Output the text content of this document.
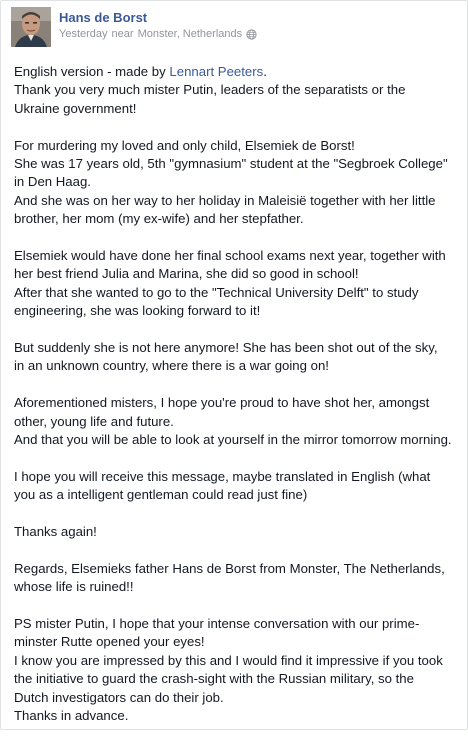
Hans de Borst
Yesterday near Monster, Netherlands

English version - made by Lennart Peeters.
Thank you very much mister Putin, leaders of the separatists or the
Ukraine government!

For murdering my loved and only child, Elsemiek de Borst!
She was 17 years old, 5th "gymnasium" student at the "Segbroek College"
in Den Haag.
And she was on her way to her holiday in Maleisië together with her little
brother, her mom (my ex-wife) and her stepfather.

Elsemiek would have done her final school exams next year, together with
her best friend Julia and Marina, she did so good in school!
After that she wanted to go to the "Technical University Delft" to study
engineering, she was looking forward to it!

But suddenly she is not here anymore! She has been shot out of the sky,
in an unknown country, where there is a war going on!

Aforementioned misters, I hope you're proud to have shot her, amongst
other, young life and future.
And that you will be able to look at yourself in the mirror tomorrow morning.

I hope you will receive this message, maybe translated in English (what
you as a intelligent gentleman could read just fine)

Thanks again!

Regards, Elsemieks father Hans de Borst from Monster, The Netherlands,
whose life is ruined!!

PS mister Putin, I hope that your intense conversation with our prime-
minster Rutte opened your eyes!
I know you are impressed by this and I would find it impressive if you took
the initiative to guard the crash-sight with the Russian military, so the
Dutch investigators can do their job.
Thanks in advance.
